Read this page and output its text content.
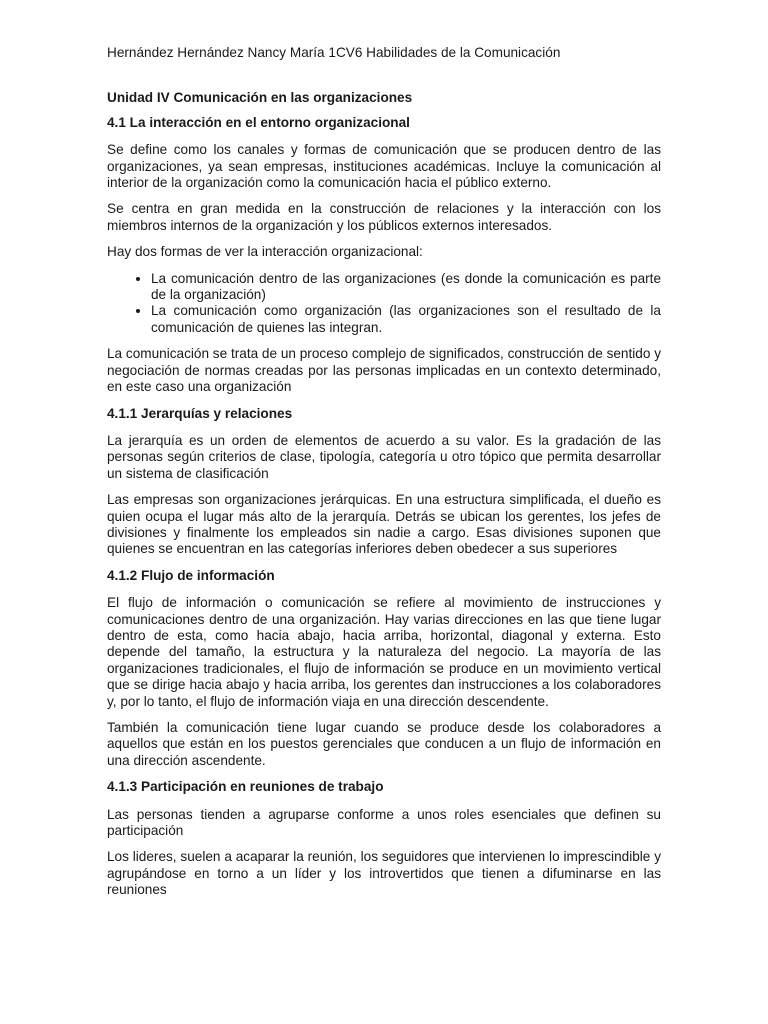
Hernández Hernández Nancy María 1CV6 Habilidades de la Comunicación
Unidad IV Comunicación en las organizaciones
4.1 La interacción en el entorno organizacional

Se define como los canales y formas de comunicación que se producen dentro de las organizaciones, ya sean empresas, instituciones académicas. Incluye la comunicación al interior de la organización como la comunicación hacia el público externo.

Se centra en gran medida en la construcción de relaciones y la interacción con los miembros internos de la organización y los públicos externos interesados.

Hay dos formas de ver la interacción organizacional:

• La comunicación dentro de las organizaciones (es donde la comunicación es parte de la organización)
• La comunicación como organización (las organizaciones son el resultado de la comunicación de quienes las integran.

La comunicación se trata de un proceso complejo de significados, construcción de sentido y negociación de normas creadas por las personas implicadas en un contexto determinado, en este caso una organización

4.1.1 Jerarquías y relaciones

La jerarquía es un orden de elementos de acuerdo a su valor. Es la gradación de las personas según criterios de clase, tipología, categoría u otro tópico que permita desarrollar un sistema de clasificación

Las empresas son organizaciones jerárquicas. En una estructura simplificada, el dueño es quien ocupa el lugar más alto de la jerarquía. Detrás se ubican los gerentes, los jefes de divisiones y finalmente los empleados sin nadie a cargo. Esas divisiones suponen que quienes se encuentran en las categorías inferiores deben obedecer a sus superiores

4.1.2 Flujo de información

El flujo de información o comunicación se refiere al movimiento de instrucciones y comunicaciones dentro de una organización. Hay varias direcciones en las que tiene lugar dentro de esta, como hacia abajo, hacia arriba, horizontal, diagonal y externa. Esto depende del tamaño, la estructura y la naturaleza del negocio. La mayoría de las organizaciones tradicionales, el flujo de información se produce en un movimiento vertical que se dirige hacia abajo y hacia arriba, los gerentes dan instrucciones a los colaboradores y, por lo tanto, el flujo de información viaja en una dirección descendente.

También la comunicación tiene lugar cuando se produce desde los colaboradores a aquellos que están en los puestos gerenciales que conducen a un flujo de información en una dirección ascendente.

4.1.3 Participación en reuniones de trabajo

Las personas tienden a agruparse conforme a unos roles esenciales que definen su participación

Los lideres, suelen a acaparar la reunión, los seguidores que intervienen lo imprescindible y agrupándose en torno a un líder y los introvertidos que tienen a difuminarse en las reuniones
